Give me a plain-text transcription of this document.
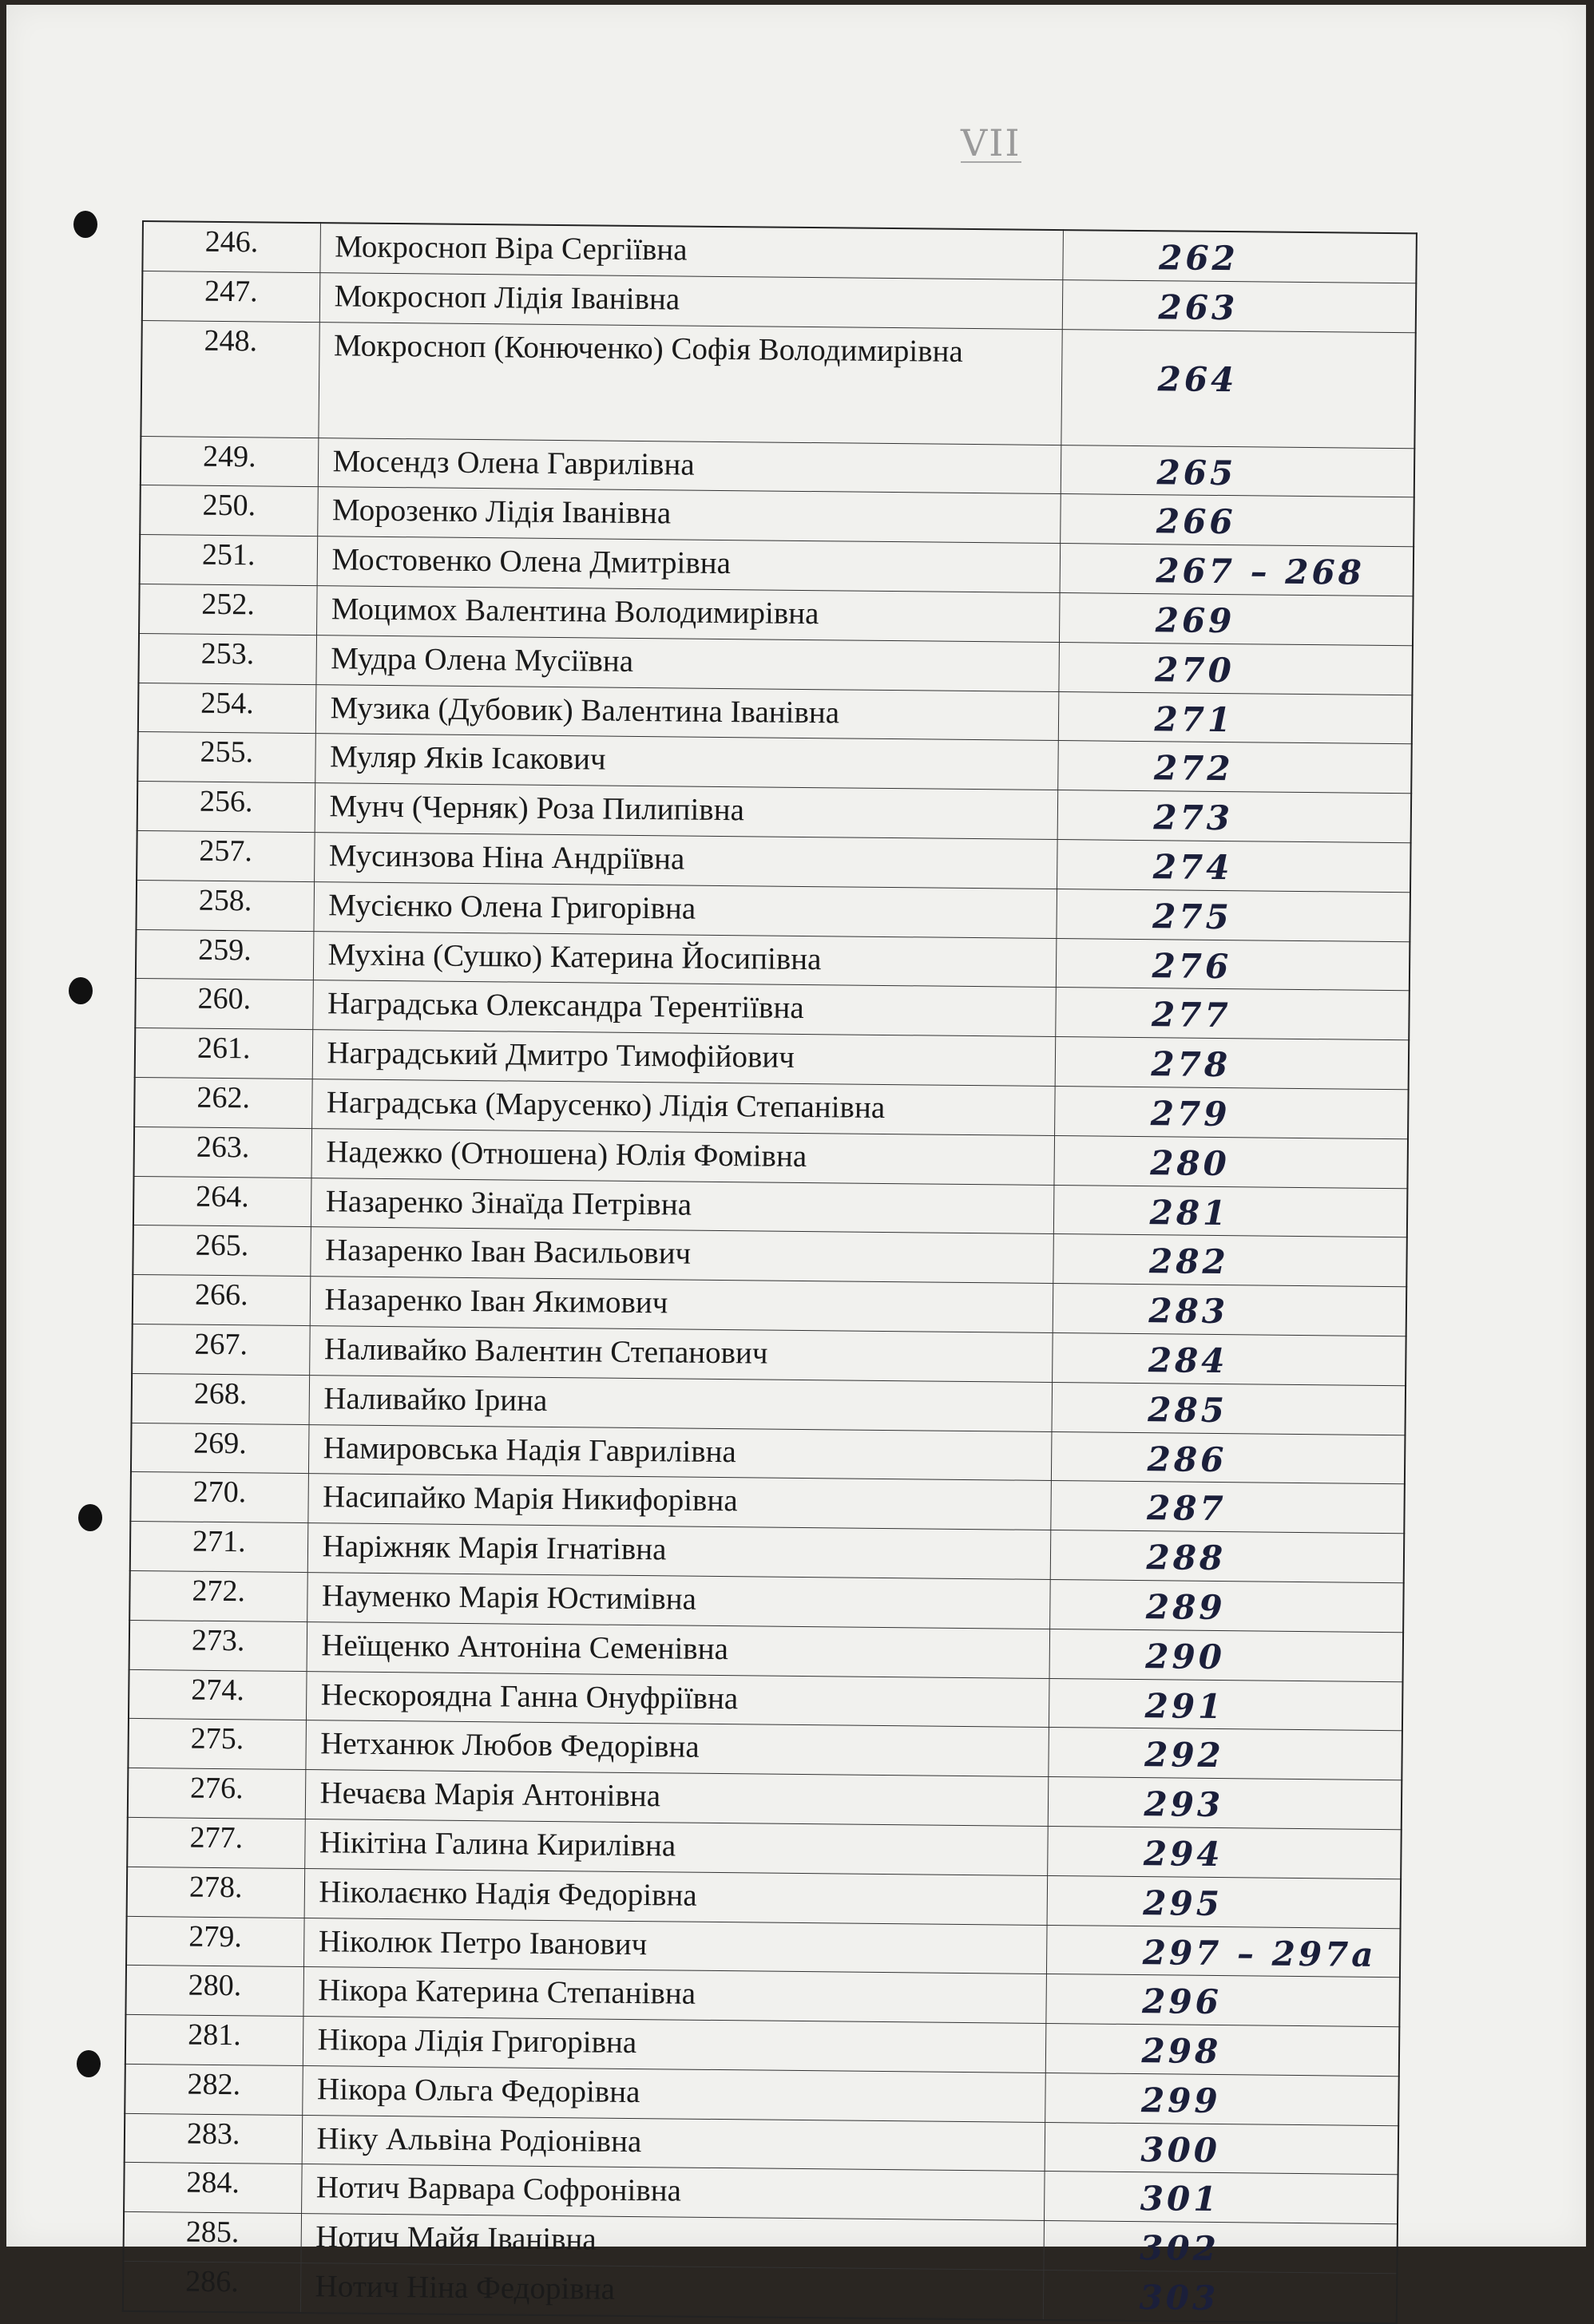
VII
246.	Мокросноп Віра Сергіївна	262
247.	Мокросноп Лідія Іванівна	263
248.	Мокросноп (Конюченко) Софія Володимирівна	264
249.	Мосендз Олена Гаврилівна	265
250.	Морозенко Лідія Іванівна	266
251.	Мостовенко Олена Дмитрівна	267 – 268
252.	Моцимох Валентина Володимирівна	269
253.	Мудра Олена Мусіївна	270
254.	Музика (Дубовик) Валентина Іванівна	271
255.	Муляр Яків Ісакович	272
256.	Мунч (Черняк) Роза Пилипівна	273
257.	Мусинзова Ніна Андріївна	274
258.	Мусієнко Олена Григорівна	275
259.	Мухіна (Сушко) Катерина Йосипівна	276
260.	Наградська Олександра Терентіївна	277
261.	Наградський Дмитро Тимофійович	278
262.	Наградська (Марусенко) Лідія Степанівна	279
263.	Надежко (Отношена) Юлія Фомівна	280
264.	Назаренко Зінаїда Петрівна	281
265.	Назаренко Іван Васильович	282
266.	Назаренко Іван Якимович	283
267.	Наливайко Валентин Степанович	284
268.	Наливайко Ірина	285
269.	Намировська Надія Гаврилівна	286
270.	Насипайко Марія Никифорівна	287
271.	Наріжняк Марія Ігнатівна	288
272.	Науменко Марія Юстимівна	289
273.	Неїщенко Антоніна Семенівна	290
274.	Нескороядна Ганна Онуфріївна	291
275.	Нетханюк Любов Федорівна	292
276.	Нечаєва Марія Антонівна	293
277.	Нікітіна Галина Кирилівна	294
278.	Ніколаєнко Надія Федорівна	295
279.	Ніколюк Петро Іванович	297 – 297а
280.	Нікора Катерина Степанівна	296
281.	Нікора Лідія Григорівна	298
282.	Нікора Ольга Федорівна	299
283.	Ніку Альвіна Родіонівна	300
284.	Нотич Варвара Софронівна	301
285.	Нотич Майя Іванівна	302
286.	Нотич Ніна Федорівна	303
